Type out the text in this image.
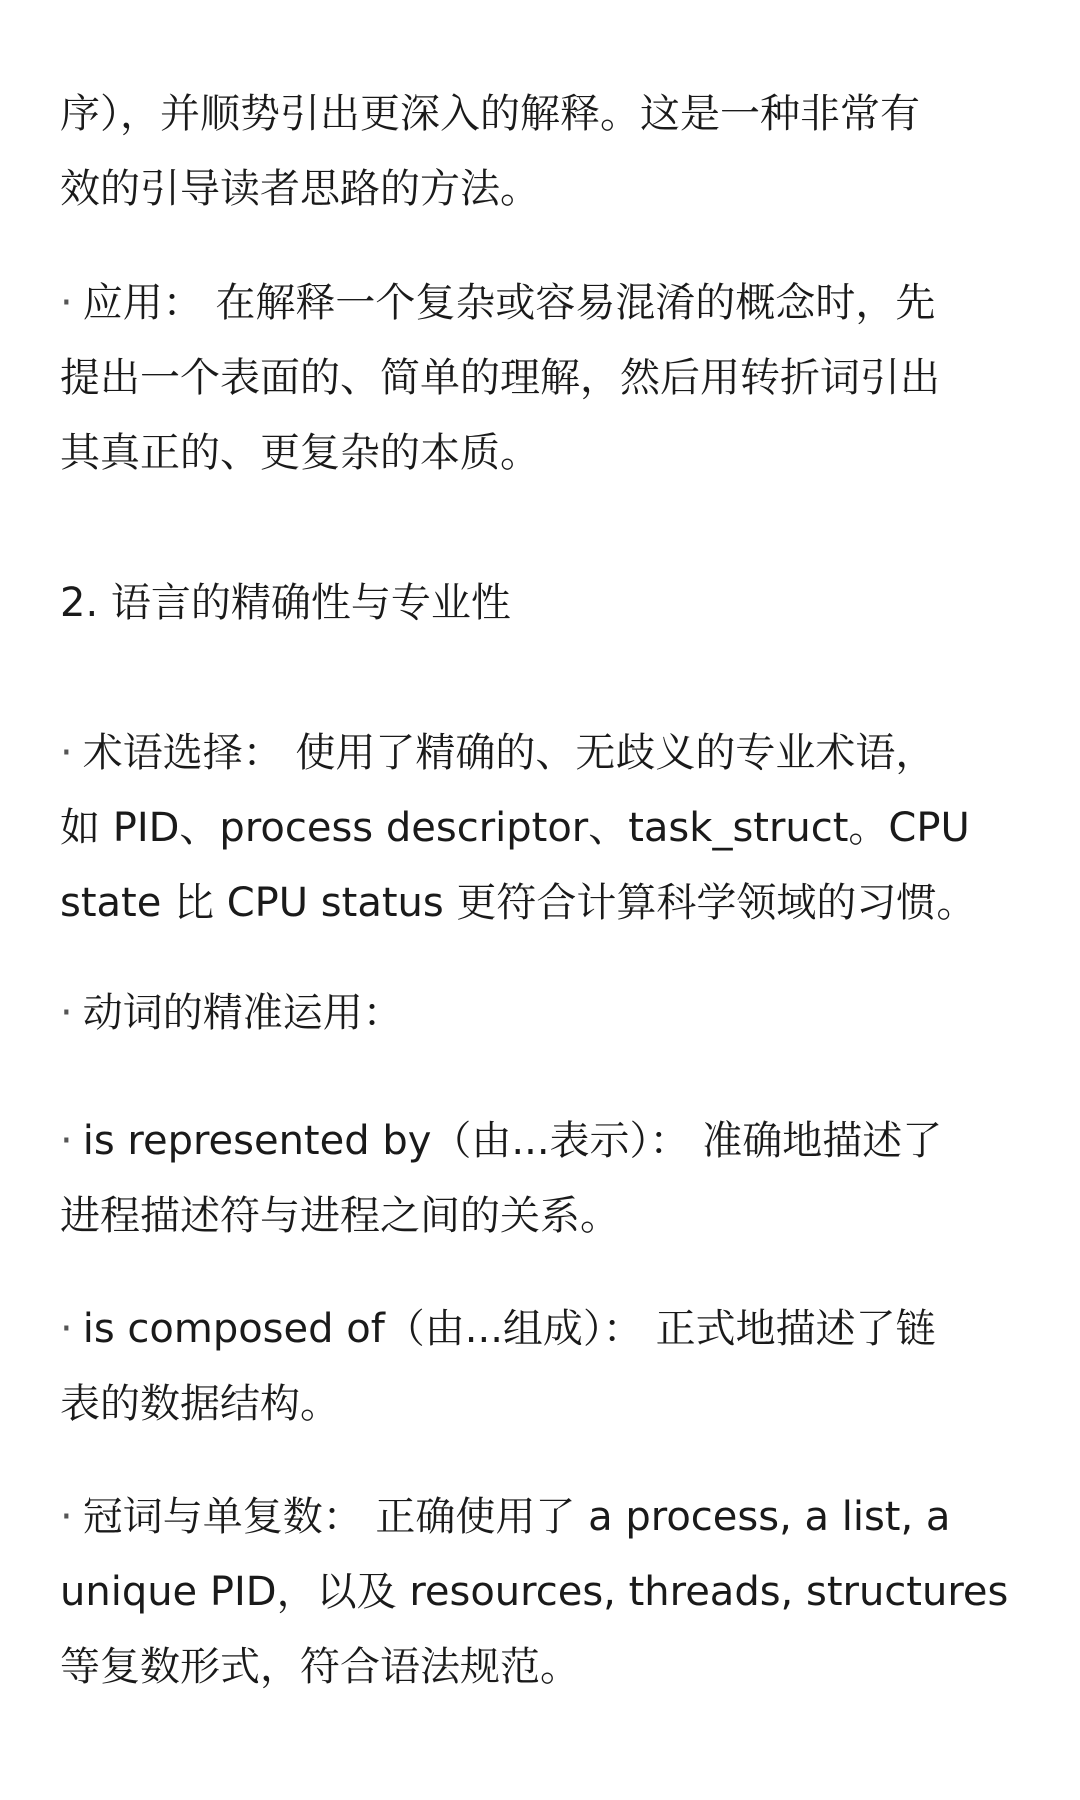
序），并顺势引出更深入的解释。这是一种非常有
效的引导读者思路的方法。

· 应用： 在解释一个复杂或容易混淆的概念时，先
提出一个表面的、简单的理解，然后用转折词引出
其真正的、更复杂的本质。

2. 语言的精确性与专业性

· 术语选择： 使用了精确的、无歧义的专业术语，
如 PID、process descriptor、task_struct。CPU
state 比 CPU status 更符合计算科学领域的习惯。

· 动词的精准运用：

· is represented by（由...表示）： 准确地描述了
进程描述符与进程之间的关系。

· is composed of（由...组成）： 正式地描述了链
表的数据结构。

· 冠词与单复数： 正确使用了 a process, a list, a
unique PID，以及 resources, threads, structures
等复数形式，符合语法规范。
